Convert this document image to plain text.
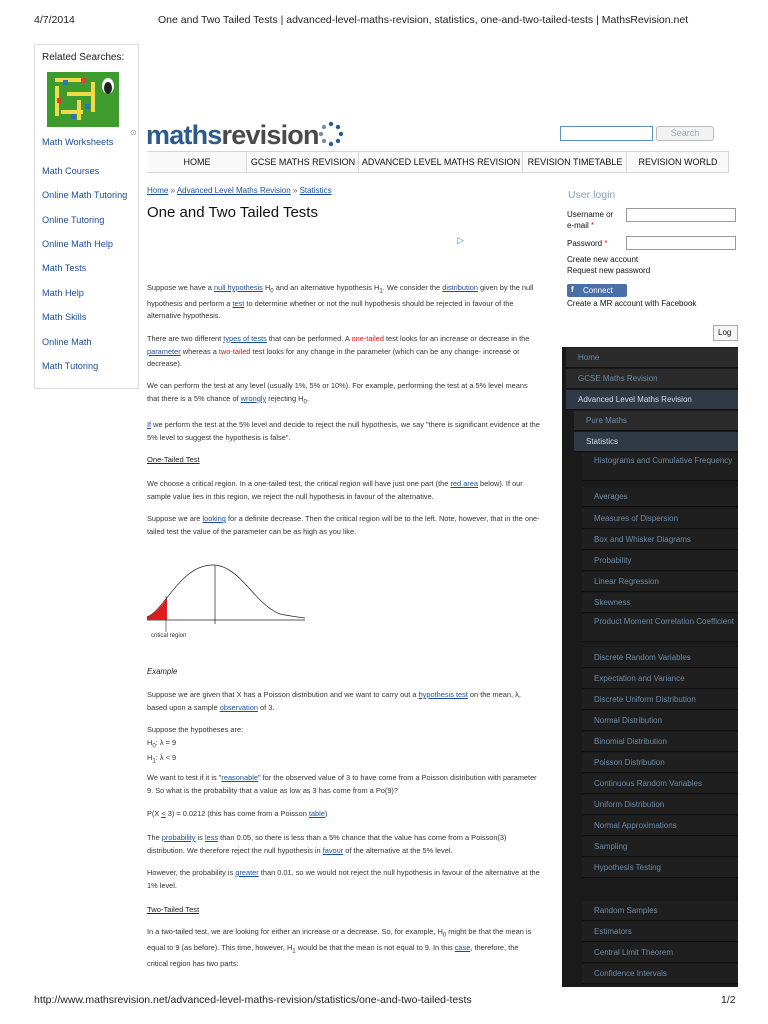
4/7/2014	One and Two Tailed Tests | advanced-level-maths-revision, statistics, one-and-two-tailed-tests | MathsRevision.net
http://www.mathsrevision.net/advanced-level-maths-revision/statistics/one-and-two-tailed-tests	1/2
Related Searches:
⊙
Math Worksheets
Math Courses
Online Math Tutoring
Online Tutoring
Online Math Help
Math Tests
Math Help
Math Skills
Online Math
Math Tutoring
mathsrevision	Search
HOME	GCSE MATHS REVISION ADVANCED LEVEL MATHS REVISION REVISION TIMETABLE	REVISION WORLD
Home » Advanced Level Maths Revision » Statistics
One and Two Tailed Tests
▷
Suppose we have a null hypothesis $H_0$ and an alternative hypothesis $H_1$. We consider the distribution given by the null hypothesis and perform a test to determine whether or not the null hypothesis should be rejected in favour of the alternative hypothesis.
There are two different types of tests that can be performed. A one-tailed test looks for an increase or decrease in the parameter whereas a two-tailed test looks for any change in the parameter (which can be any change- increase or decrease).
We can perform the test at any level (usually 1%, 5% or 10%). For example, performing the test at a 5% level means that there is a 5% chance of wrongly rejecting $H_0$.
If we perform the test at the 5% level and decide to reject the null hypothesis, we say "there is significant evidence at the 5% level to suggest the hypothesis is false".
One-Tailed Test
We choose a critical region. In a one-tailed test, the critical region will have just one part (the red area below). If our sample value lies in this region, we reject the null hypothesis in favour of the alternative.
Suppose we are looking for a definite decrease. Then the critical region will be to the left. Note, however, that in the one-tailed test the value of the parameter can be as high as you like.
critical region
Example
Suppose we are given that X has a Poisson distribution and we want to carry out a hypothesis test on the mean, λ, based upon a sample observation of 3.
Suppose the hypotheses are:
$H_0$: λ = 9
$H_1$: λ < 9
We want to test if it is "reasonable" for the observed value of 3 to have come from a Poisson distribution with parameter 9. So what is the probability that a value as low as 3 has come from a Po(9)?
P(X < 3) = 0.0212 (this has come from a Poisson table)
The probability is less than 0.05, so there is less than a 5% chance that the value has come from a Poisson(3) distribution. We therefore reject the null hypothesis in favour of the alternative at the 5% level.
However, the probability is greater than 0.01, so we would not reject the null hypothesis in favour of the alternative at the 1% level.
Two-Tailed Test
In a two-tailed test, we are looking for either an increase or a decrease. So, for example, $H_0$ might be that the mean is equal to 9 (as before). This time, however, $H_1$ would be that the mean is not equal to 9. In this case, therefore, the critical region has two parts:
User login
Username or
e-mail *
Password *
Create new account
Request new password
Connect
f
Create a MR account with Facebook
Log
Home
GCSE Maths Revision
Advanced Level Maths Revision
Pure Maths
Statistics
Histograms and Cumulative Frequency
Averages
Measures of Dispersion
Box and Whisker Diagrams
Probability
Linear Regression
Skewness
Product Moment Correlation Coefficient
Discrete Random Variables
Expectation and Variance
Discrete Uniform Distribution
Normal Distribution
Binomial Distribution
Poisson Distribution
Continuous Random Variables
Uniform Distribution
Normal Approximations
Sampling
Hypothesis Testing
Random Samples
Estimators
Central Limit Theorem
Confidence Intervals
